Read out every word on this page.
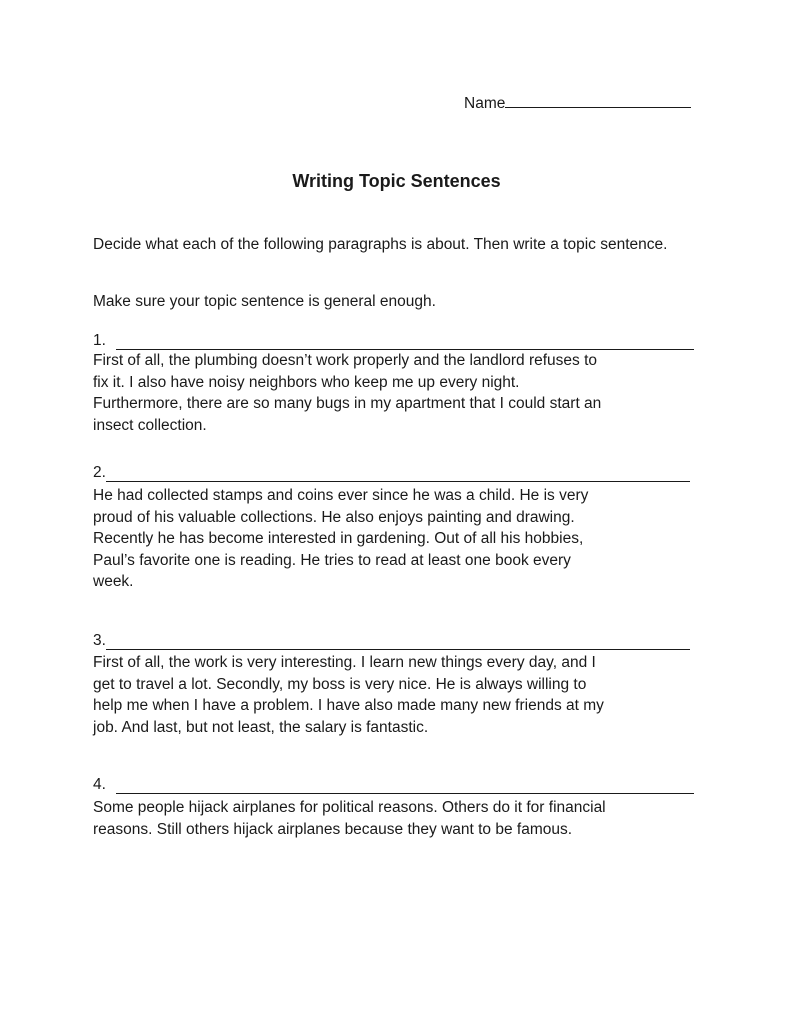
Name
Writing Topic Sentences

Decide what each of the following paragraphs is about. Then write a topic sentence.

Make sure your topic sentence is general enough.

1.

First of all, the plumbing doesn’t work properly and the landlord refuses to
fix it. I also have noisy neighbors who keep me up every night.
Furthermore, there are so many bugs in my apartment that I could start an
insect collection.

2.

He had collected stamps and coins ever since he was a child. He is very
proud of his valuable collections. He also enjoys painting and drawing.
Recently he has become interested in gardening. Out of all his hobbies,
Paul’s favorite one is reading. He tries to read at least one book every
week.

3.

First of all, the work is very interesting. I learn new things every day, and I
get to travel a lot. Secondly, my boss is very nice. He is always willing to
help me when I have a problem. I have also made many new friends at my
job. And last, but not least, the salary is fantastic.

4.

Some people hijack airplanes for political reasons. Others do it for financial
reasons. Still others hijack airplanes because they want to be famous.
